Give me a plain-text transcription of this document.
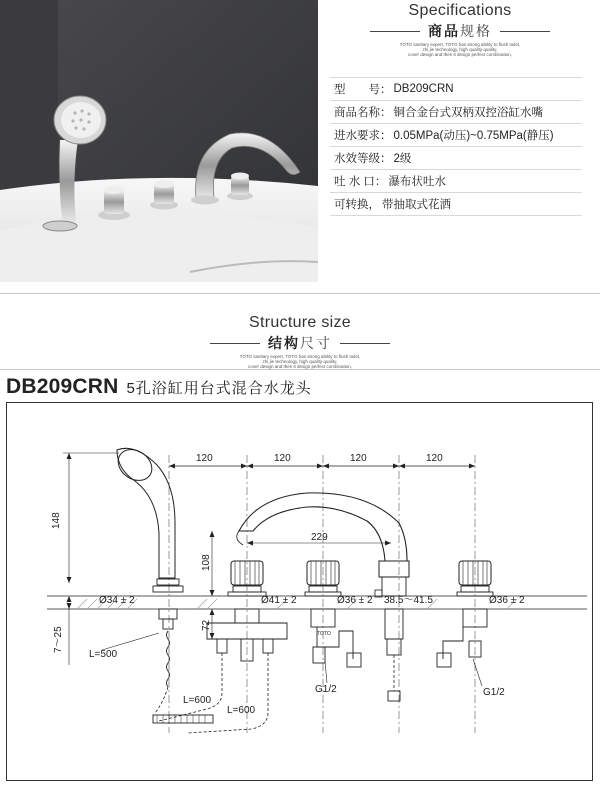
Specifications
商品规格
TOTO sanitary expert, TOTO has strong ability to flush toilet,
zhi jie technology, high quality quality,
cover design and then it design perfect combination,
型　　号： DB209CRN
商品名称： 铜合金台式双柄双控浴缸水嘴
进水要求： 0.05MPa(动压)~0.75MPa(静压)
水效等级： 2级
吐 水 口： 瀑布状吐水
可转换， 带抽取式花洒
Structure size
结构尺寸
TOTO sanitary expert, TOTO has strong ability to flush toilet,
zhi jie technology, high quality quality,
cover design and then it design perfect combination,
DB209CRN 5孔浴缸用台式混合水龙头
120	120	120	120
229
148
108
72
7～25
Ø34 ± 2	Ø41 ± 2	Ø36 ± 2 38.5～41.5	Ø36 ± 2
L=500
L=600
L=600
G1/2	G1/2
TOTO
